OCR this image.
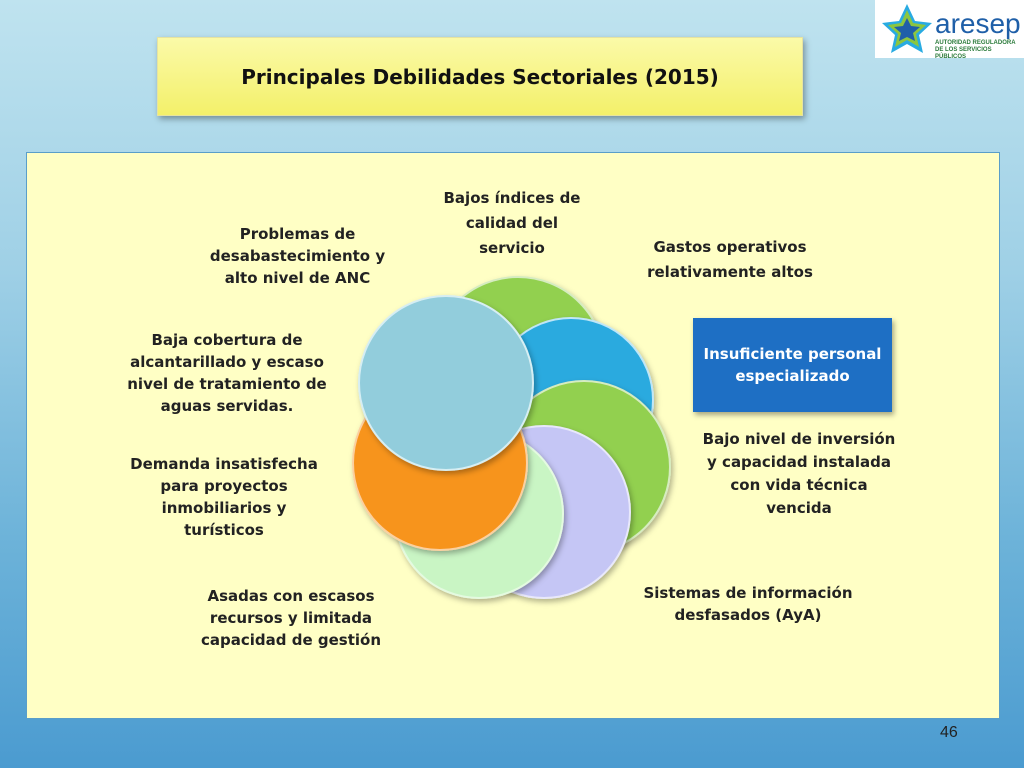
aresep
AUTORIDAD REGULADORA DE LOS SERVICIOS PÚBLICOS
Principales Debilidades Sectoriales (2015)
Bajos índices de calidad del servicio	Gastos operativos relativamente altos
Insuficiente personal especializado
Bajo nivel de inversión y capacidad instalada con vida técnica vencida
Sistemas de información desfasados (AyA)
Asadas con escasos recursos y limitada capacidad de gestión
Demanda insatisfecha para proyectos inmobiliarios y turísticos
Baja cobertura de alcantarillado y escaso nivel de tratamiento de aguas servidas.
Problemas de desabastecimiento y alto nivel de ANC
46
